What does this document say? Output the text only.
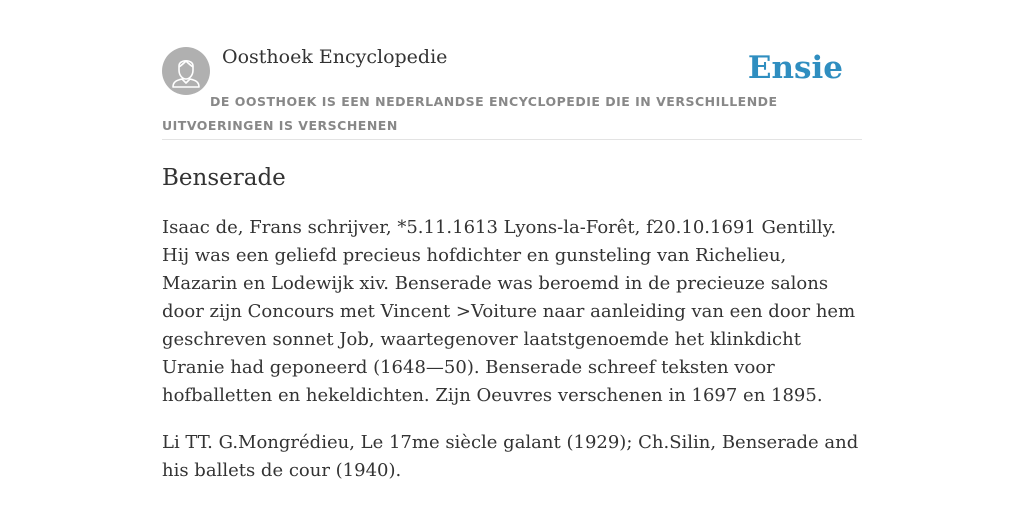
Oosthoek Encyclopedie	Ensie
DE OOSTHOEK IS EEN NEDERLANDSE ENCYCLOPEDIE DIE IN VERSCHILLENDE UITVOERINGEN IS VERSCHENEN
Benserade

Isaac de, Frans schrijver, *5.11.1613 Lyons-la-Forêt, f20.10.1691 Gentilly. Hij was een geliefd precieus hofdichter en gunsteling van Richelieu, Mazarin en Lodewijk xiv. Benserade was beroemd in de precieuze salons door zijn Concours met Vincent >Voiture naar aanleiding van een door hem geschreven sonnet Job, waartegenover laatstgenoemde het klinkdicht Uranie had geponeerd (1648—50). Benserade schreef teksten voor hofballetten en hekeldichten. Zijn Oeuvres verschenen in 1697 en 1895.

Li TT. G.Mongrédieu, Le 17me siècle galant (1929); Ch.Silin, Benserade and his ballets de cour (1940).
